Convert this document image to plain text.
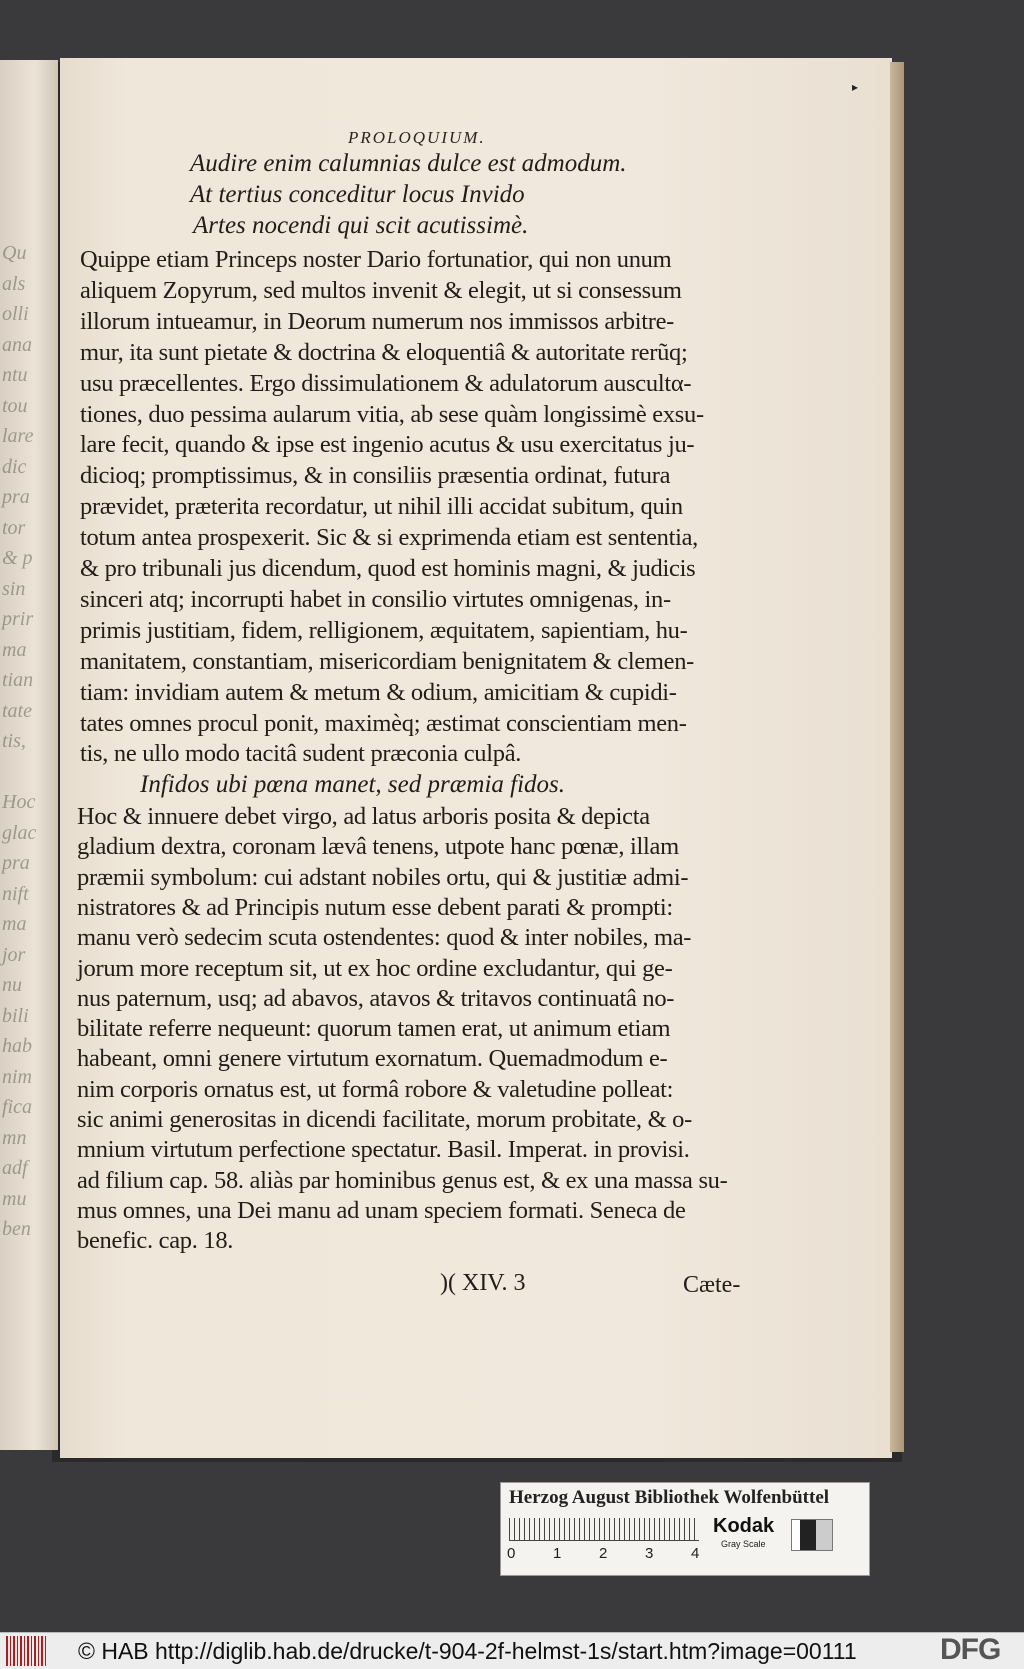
Qu
als
olli
ana
ntu
tou
lare
dic
pra
tor
& p
sin
prir
ma
tian
tate
tis,
Hoc
glac
pra
nift
ma
jor
nu
bili
hab
nim
fica
mn
adf
mu
ben
▸
PROLOQUIUM.
Audire enim calumnias dulce est admodum.
At tertius conceditur locus Invido
Artes nocendi qui scit acutissimè.
Quippe etiam Princeps noster Dario fortunatior, qui non unum
aliquem Zopyrum, sed multos invenit & elegit, ut si consessum
illorum intueamur, in Deorum numerum nos immissos arbitre-
mur, ita sunt pietate & doctrina & eloquentiâ & autoritate rerũq;
usu præcellentes. Ergo dissimulationem & adulatorum auscultα-
tiones, duo pessima aularum vitia, ab sese quàm longissimè exsu-
lare fecit, quando & ipse est ingenio acutus & usu exercitatus ju-
dicioq; promptissimus, & in consiliis præsentia ordinat, futura
prævidet, præterita recordatur, ut nihil illi accidat subitum, quin
totum antea prospexerit. Sic & si exprimenda etiam est sententia,
& pro tribunali jus dicendum, quod est hominis magni, & judicis
sinceri atq; incorrupti habet in consilio virtutes omnigenas, in-
primis justitiam, fidem, relligionem, æquitatem, sapientiam, hu-
manitatem, constantiam, misericordiam benignitatem & clemen-
tiam: invidiam autem & metum & odium, amicitiam & cupidi-
tates omnes procul ponit, maximèq; æstimat conscientiam men-
tis, ne ullo modo tacitâ sudent præconia culpâ.
Infidos ubi pœna manet, sed præmia fidos.
Hoc & innuere debet virgo, ad latus arboris posita & depicta
gladium dextra, coronam lævâ tenens, utpote hanc pœnæ, illam
præmii symbolum: cui adstant nobiles ortu, qui & justitiæ admi-
nistratores & ad Principis nutum esse debent parati & prompti:
manu verò sedecim scuta ostendentes: quod & inter nobiles, ma-
jorum more receptum sit, ut ex hoc ordine excludantur, qui ge-
nus paternum, usq; ad abavos, atavos & tritavos continuatâ no-
bilitate referre nequeunt: quorum tamen erat, ut animum etiam
habeant, omni genere virtutum exornatum. Quemadmodum e-
nim corporis ornatus est, ut formâ robore & valetudine polleat:
sic animi generositas in dicendi facilitate, morum probitate, & o-
mnium virtutum perfectione spectatur. Basil. Imperat. in provisi.
ad filium cap. 58. aliàs par hominibus genus est, & ex una massa su-
mus omnes, una Dei manu ad unam speciem formati. Seneca de
benefic. cap. 18.
)( XIV. 3	Cæte-
Herzog August Bibliothek Wolfenbüttel
0	1	2	3	4
Kodak
Gray Scale
© HAB http://diglib.hab.de/drucke/t-904-2f-helmst-1s/start.htm?image=00111	DFG
